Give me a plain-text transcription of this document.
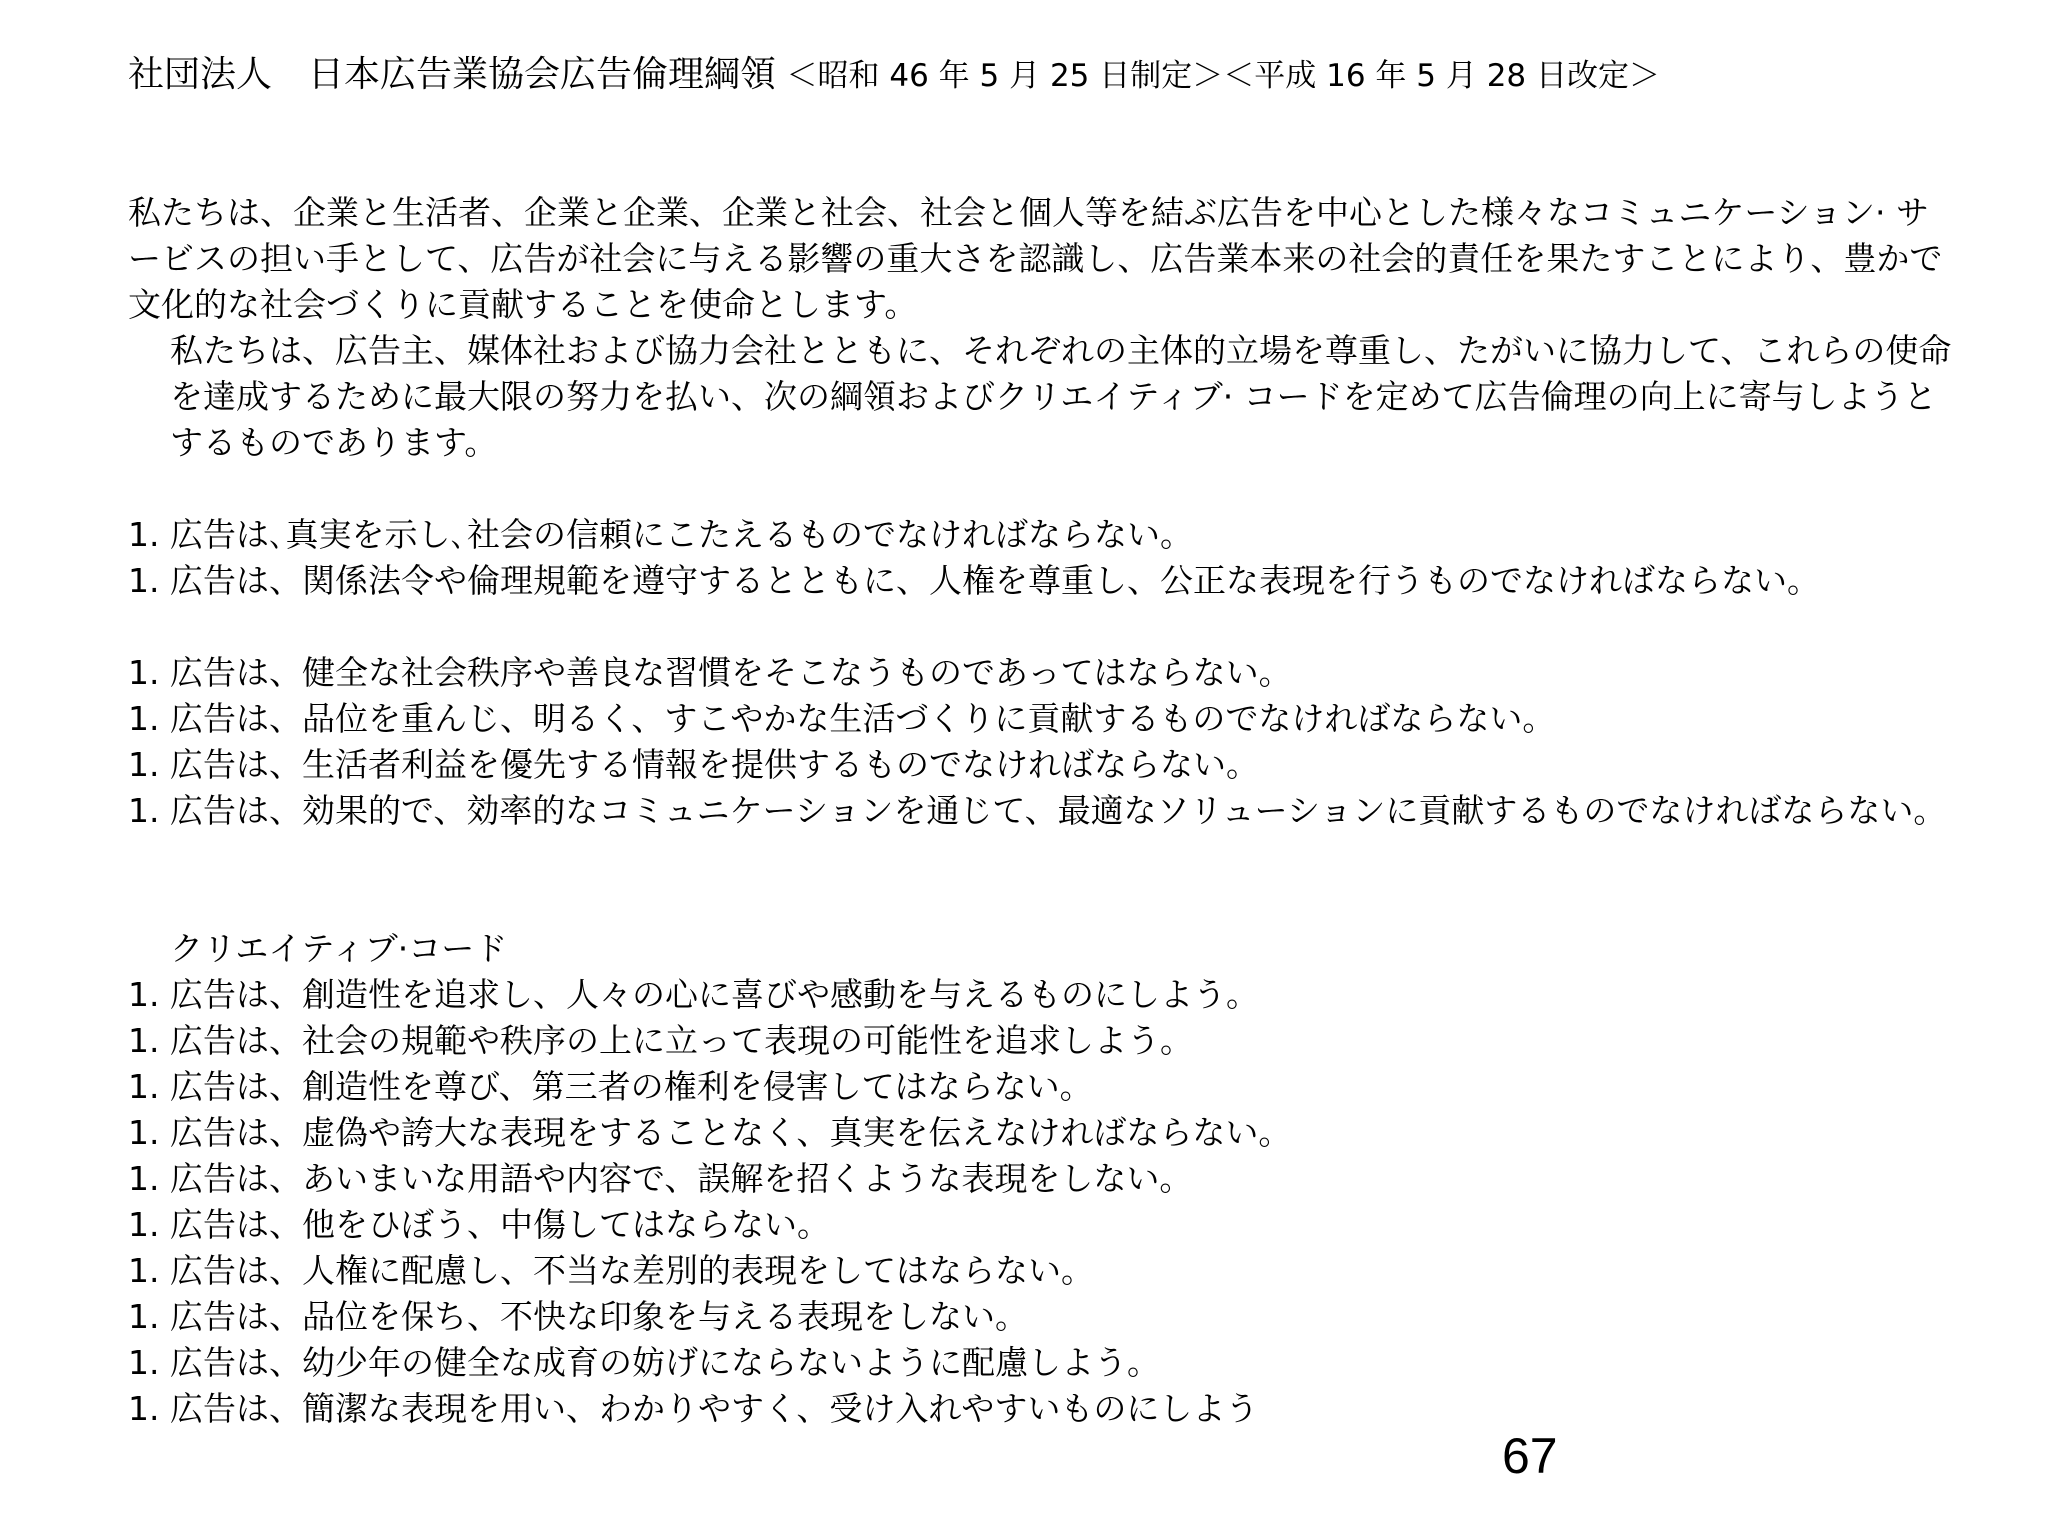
社団法人　日本広告業協会広告倫理綱領 ＜昭和 46 年 5 月 25 日制定＞＜平成 16 年 5 月 28 日改定＞
私たちは、企業と生活者、企業と企業、企業と社会、社会と個人等を結ぶ広告を中心とした様々なコミュニケーション· サービスの担い手として、広告が社会に与える影響の重大さを認識し、広告業本来の社会的責任を果たすことにより、豊かで文化的な社会づくりに貢献することを使命とします。
私たちは、広告主、媒体社および協力会社とともに、それぞれの主体的立場を尊重し、たがいに協力して、これらの使命を達成するために最大限の努力を払い、次の綱領およびクリエイティブ· コードを定めて広告倫理の向上に寄与しようとするものであります。
1. 広告は､真実を示し､社会の信頼にこたえるものでなければならない。
1. 広告は、関係法令や倫理規範を遵守するとともに、人権を尊重し、公正な表現を行うものでなければならない。
1. 広告は、健全な社会秩序や善良な習慣をそこなうものであってはならない。
1. 広告は、品位を重んじ、明るく、すこやかな生活づくりに貢献するものでなければならない。
1. 広告は、生活者利益を優先する情報を提供するものでなければならない。
1. 広告は、効果的で、効率的なコミュニケーションを通じて、最適なソリューションに貢献するものでなければならない。
クリエイティブ·コード
1. 広告は、創造性を追求し、人々の心に喜びや感動を与えるものにしよう。
1. 広告は、社会の規範や秩序の上に立って表現の可能性を追求しよう。
1. 広告は、創造性を尊び、第三者の権利を侵害してはならない。
1. 広告は、虚偽や誇大な表現をすることなく、真実を伝えなければならない。
1. 広告は、あいまいな用語や内容で、誤解を招くような表現をしない。
1. 広告は、他をひぼう、中傷してはならない。
1. 広告は、人権に配慮し、不当な差別的表現をしてはならない。
1. 広告は、品位を保ち、不快な印象を与える表現をしない。
1. 広告は、幼少年の健全な成育の妨げにならないように配慮しよう。
1. 広告は、簡潔な表現を用い、わかりやすく、受け入れやすいものにしよう
67
